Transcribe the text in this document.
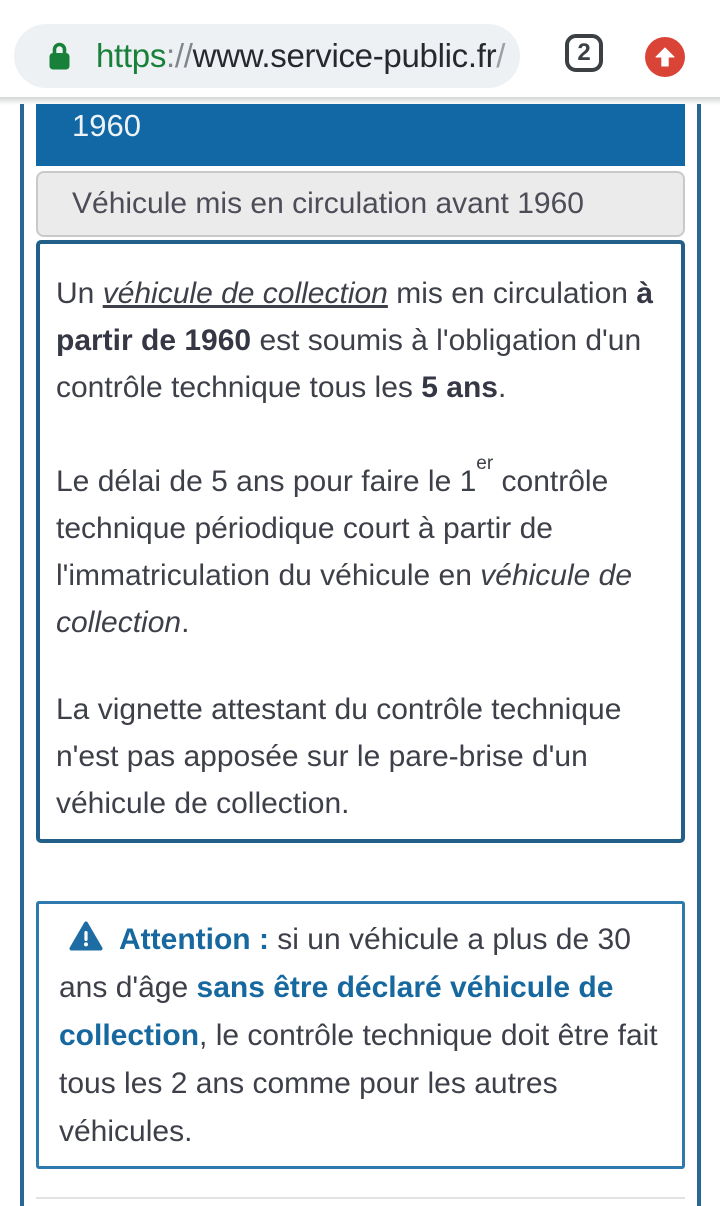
https://www.service-public.fr/	2
1960
Véhicule mis en circulation avant 1960

Un véhicule de collection mis en circulation à partir de 1960 est soumis à l'obligation d'un contrôle technique tous les 5 ans.

Le délai de 5 ans pour faire le 1er contrôle technique périodique court à partir de l'immatriculation du véhicule en véhicule de collection.

La vignette attestant du contrôle technique n'est pas apposée sur le pare-brise d'un véhicule de collection.

Attention : si un véhicule a plus de 30 ans d'âge sans être déclaré véhicule de collection, le contrôle technique doit être fait tous les 2 ans comme pour les autres véhicules.
